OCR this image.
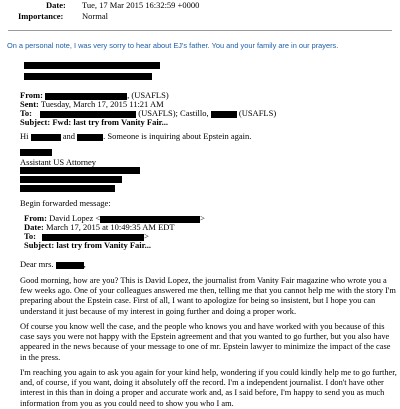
Date: Tue, 17 Mar 2015 16:32:59 +0000
Importance: Normal
On a personal note, I was very sorry to hear about EJ's father. You and your family are in our prayers.
From:	, (USAFLS)
Sent: Tuesday, March 17, 2015 11:21 AM
To:	(USAFLS); Castillo,	(USAFLS)
Subject: Fwd: last try from Vanity Fair...
Hi	and	. Someone is inquiring about Epstein again.
Assistant US Attorney
Begin forwarded message:
From: David Lopez <	>
Date: March 17, 2015 at 10:49:35 AM EDT
To:	>
Subject: last try from Vanity Fair...
Dear mrs.	,
Good morning, how are you? This is David Lopez, the journalist from Vanity Fair magazine who wrote you a few weeks ago. One of your colleagues answered me then, telling me that you cannot help me with the story I'm preparing about the Epstein case. First of all, I want to apologize for being so insistent, but I hope you can understand it just because of my interest in going further and doing a proper work.
Of course you know well the case, and the people who knows you and have worked with you because of this case says you were not happy with the Epstein agreement and that you wanted to go further, but you also have appeared in the news because of your message to one of mr. Epstein lawyer to minimize the impact of the case in the press.
I'm reaching you again to ask you again for your kind help, wondering if you could kindly help me to go further, and, of course, if you want, doing it absolutely off the record. I'm a independent journalist. I don't have other interest in this than in doing a proper and accurate work and, as I said before, I'm happy to send you as much information from you as you could need to show you who I am.
